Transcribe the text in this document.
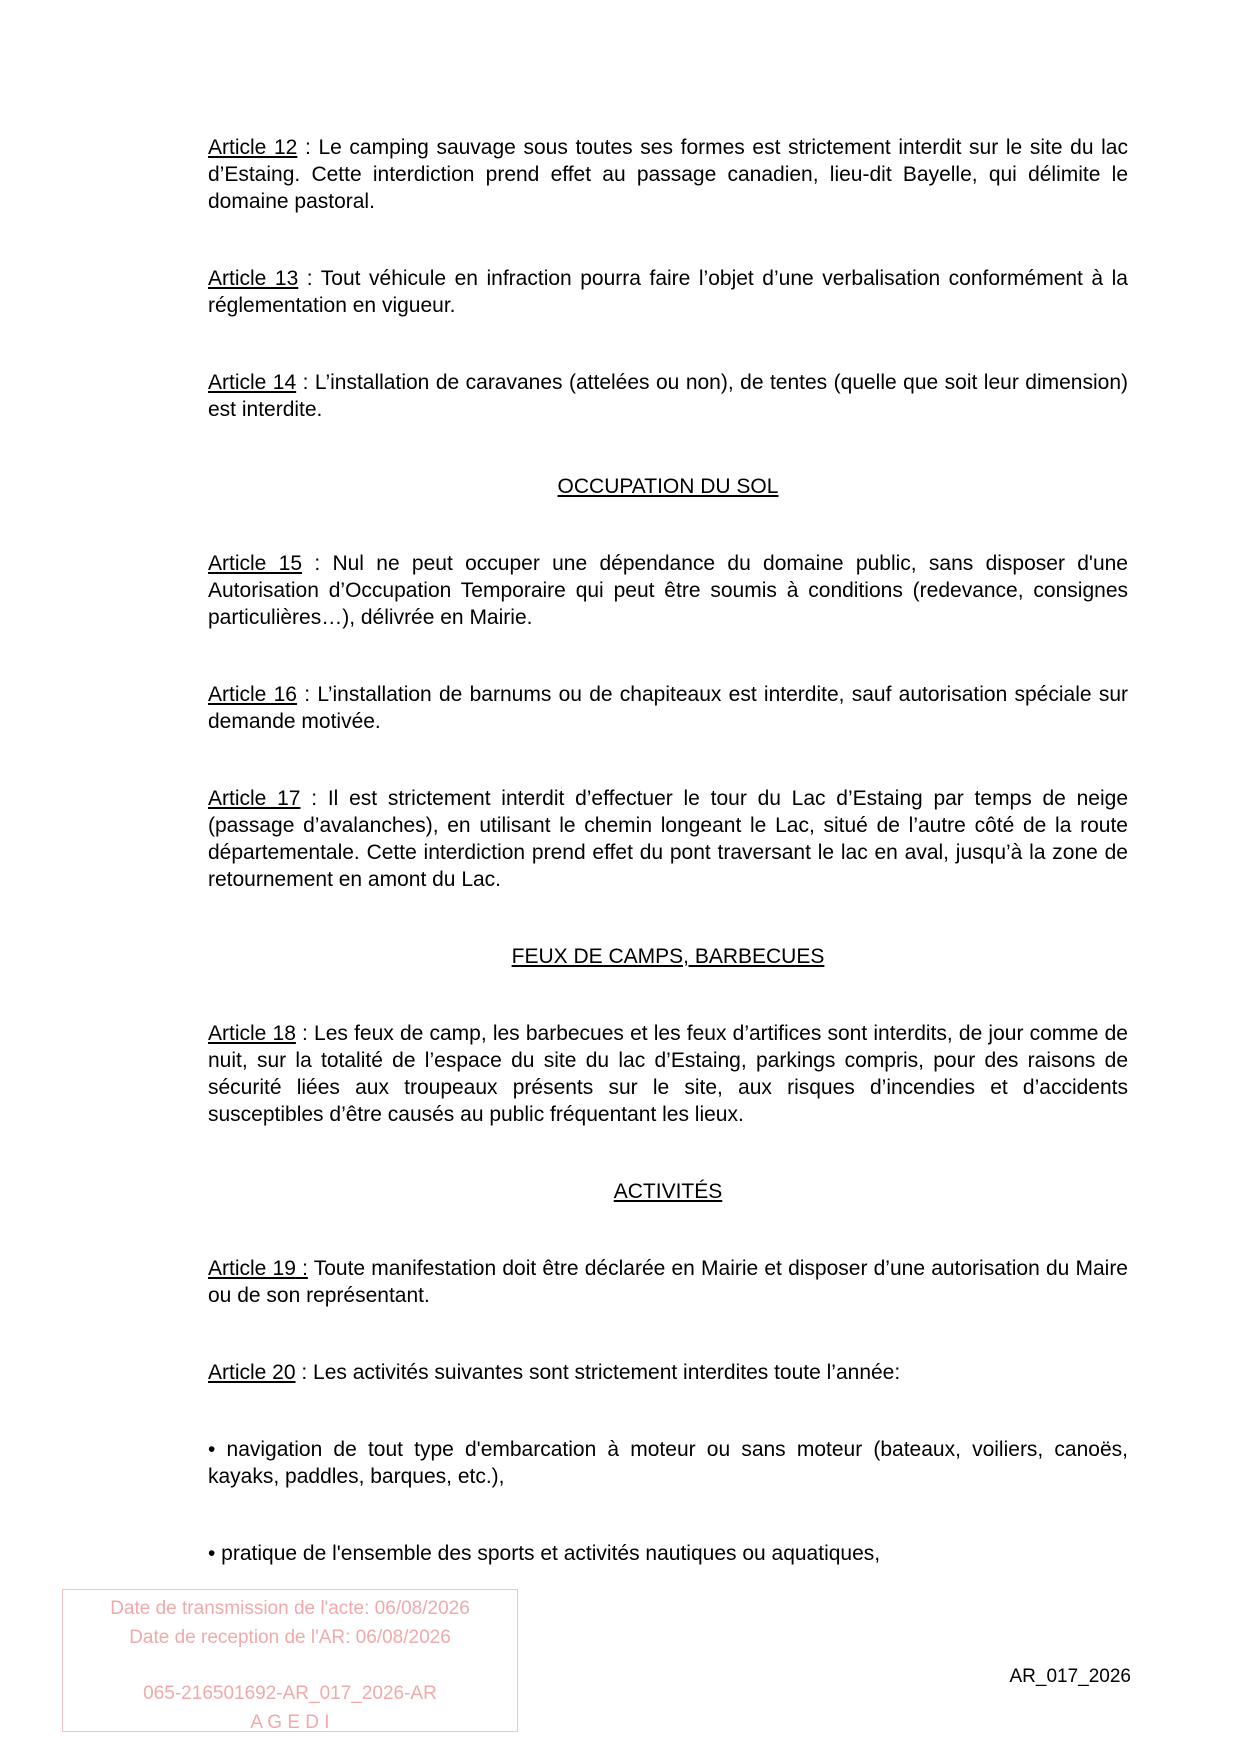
Article 12 : Le camping sauvage sous toutes ses formes est strictement interdit sur le site du lac d’Estaing. Cette interdiction prend effet au passage canadien, lieu-dit Bayelle, qui délimite le domaine pastoral.

Article 13 : Tout véhicule en infraction pourra faire l’objet d’une verbalisation conformément à la réglementation en vigueur.

Article 14 : L’installation de caravanes (attelées ou non), de tentes (quelle que soit leur dimension) est interdite.

OCCUPATION DU SOL

Article 15 : Nul ne peut occuper une dépendance du domaine public, sans disposer d'une Autorisation d’Occupation Temporaire qui peut être soumis à conditions (redevance, consignes particulières…), délivrée en Mairie.

Article 16 : L’installation de barnums ou de chapiteaux est interdite, sauf autorisation spéciale sur demande motivée.

Article 17 : Il est strictement interdit d’effectuer le tour du Lac d’Estaing par temps de neige (passage d’avalanches), en utilisant le chemin longeant le Lac, situé de l’autre côté de la route départementale. Cette interdiction prend effet du pont traversant le lac en aval, jusqu’à la zone de retournement en amont du Lac.

FEUX DE CAMPS, BARBECUES

Article 18 : Les feux de camp, les barbecues et les feux d’artifices sont interdits, de jour comme de nuit, sur la totalité de l’espace du site du lac d’Estaing, parkings compris, pour des raisons de sécurité liées aux troupeaux présents sur le site, aux risques d’incendies et d’accidents susceptibles d’être causés au public fréquentant les lieux.

ACTIVITÉS

Article 19 : Toute manifestation doit être déclarée en Mairie et disposer d’une autorisation du Maire ou de son représentant.

Article 20 : Les activités suivantes sont strictement interdites toute l’année:

• navigation de tout type d'embarcation à moteur ou sans moteur (bateaux, voiliers, canoës, kayaks, paddles, barques, etc.),

• pratique de l'ensemble des sports et activités nautiques ou aquatiques,

Date de transmission de l'acte: 06/08/2026
Date de reception de l'AR: 06/08/2026
065-216501692-AR_017_2026-AR
A G E D I
AR_017_2026
